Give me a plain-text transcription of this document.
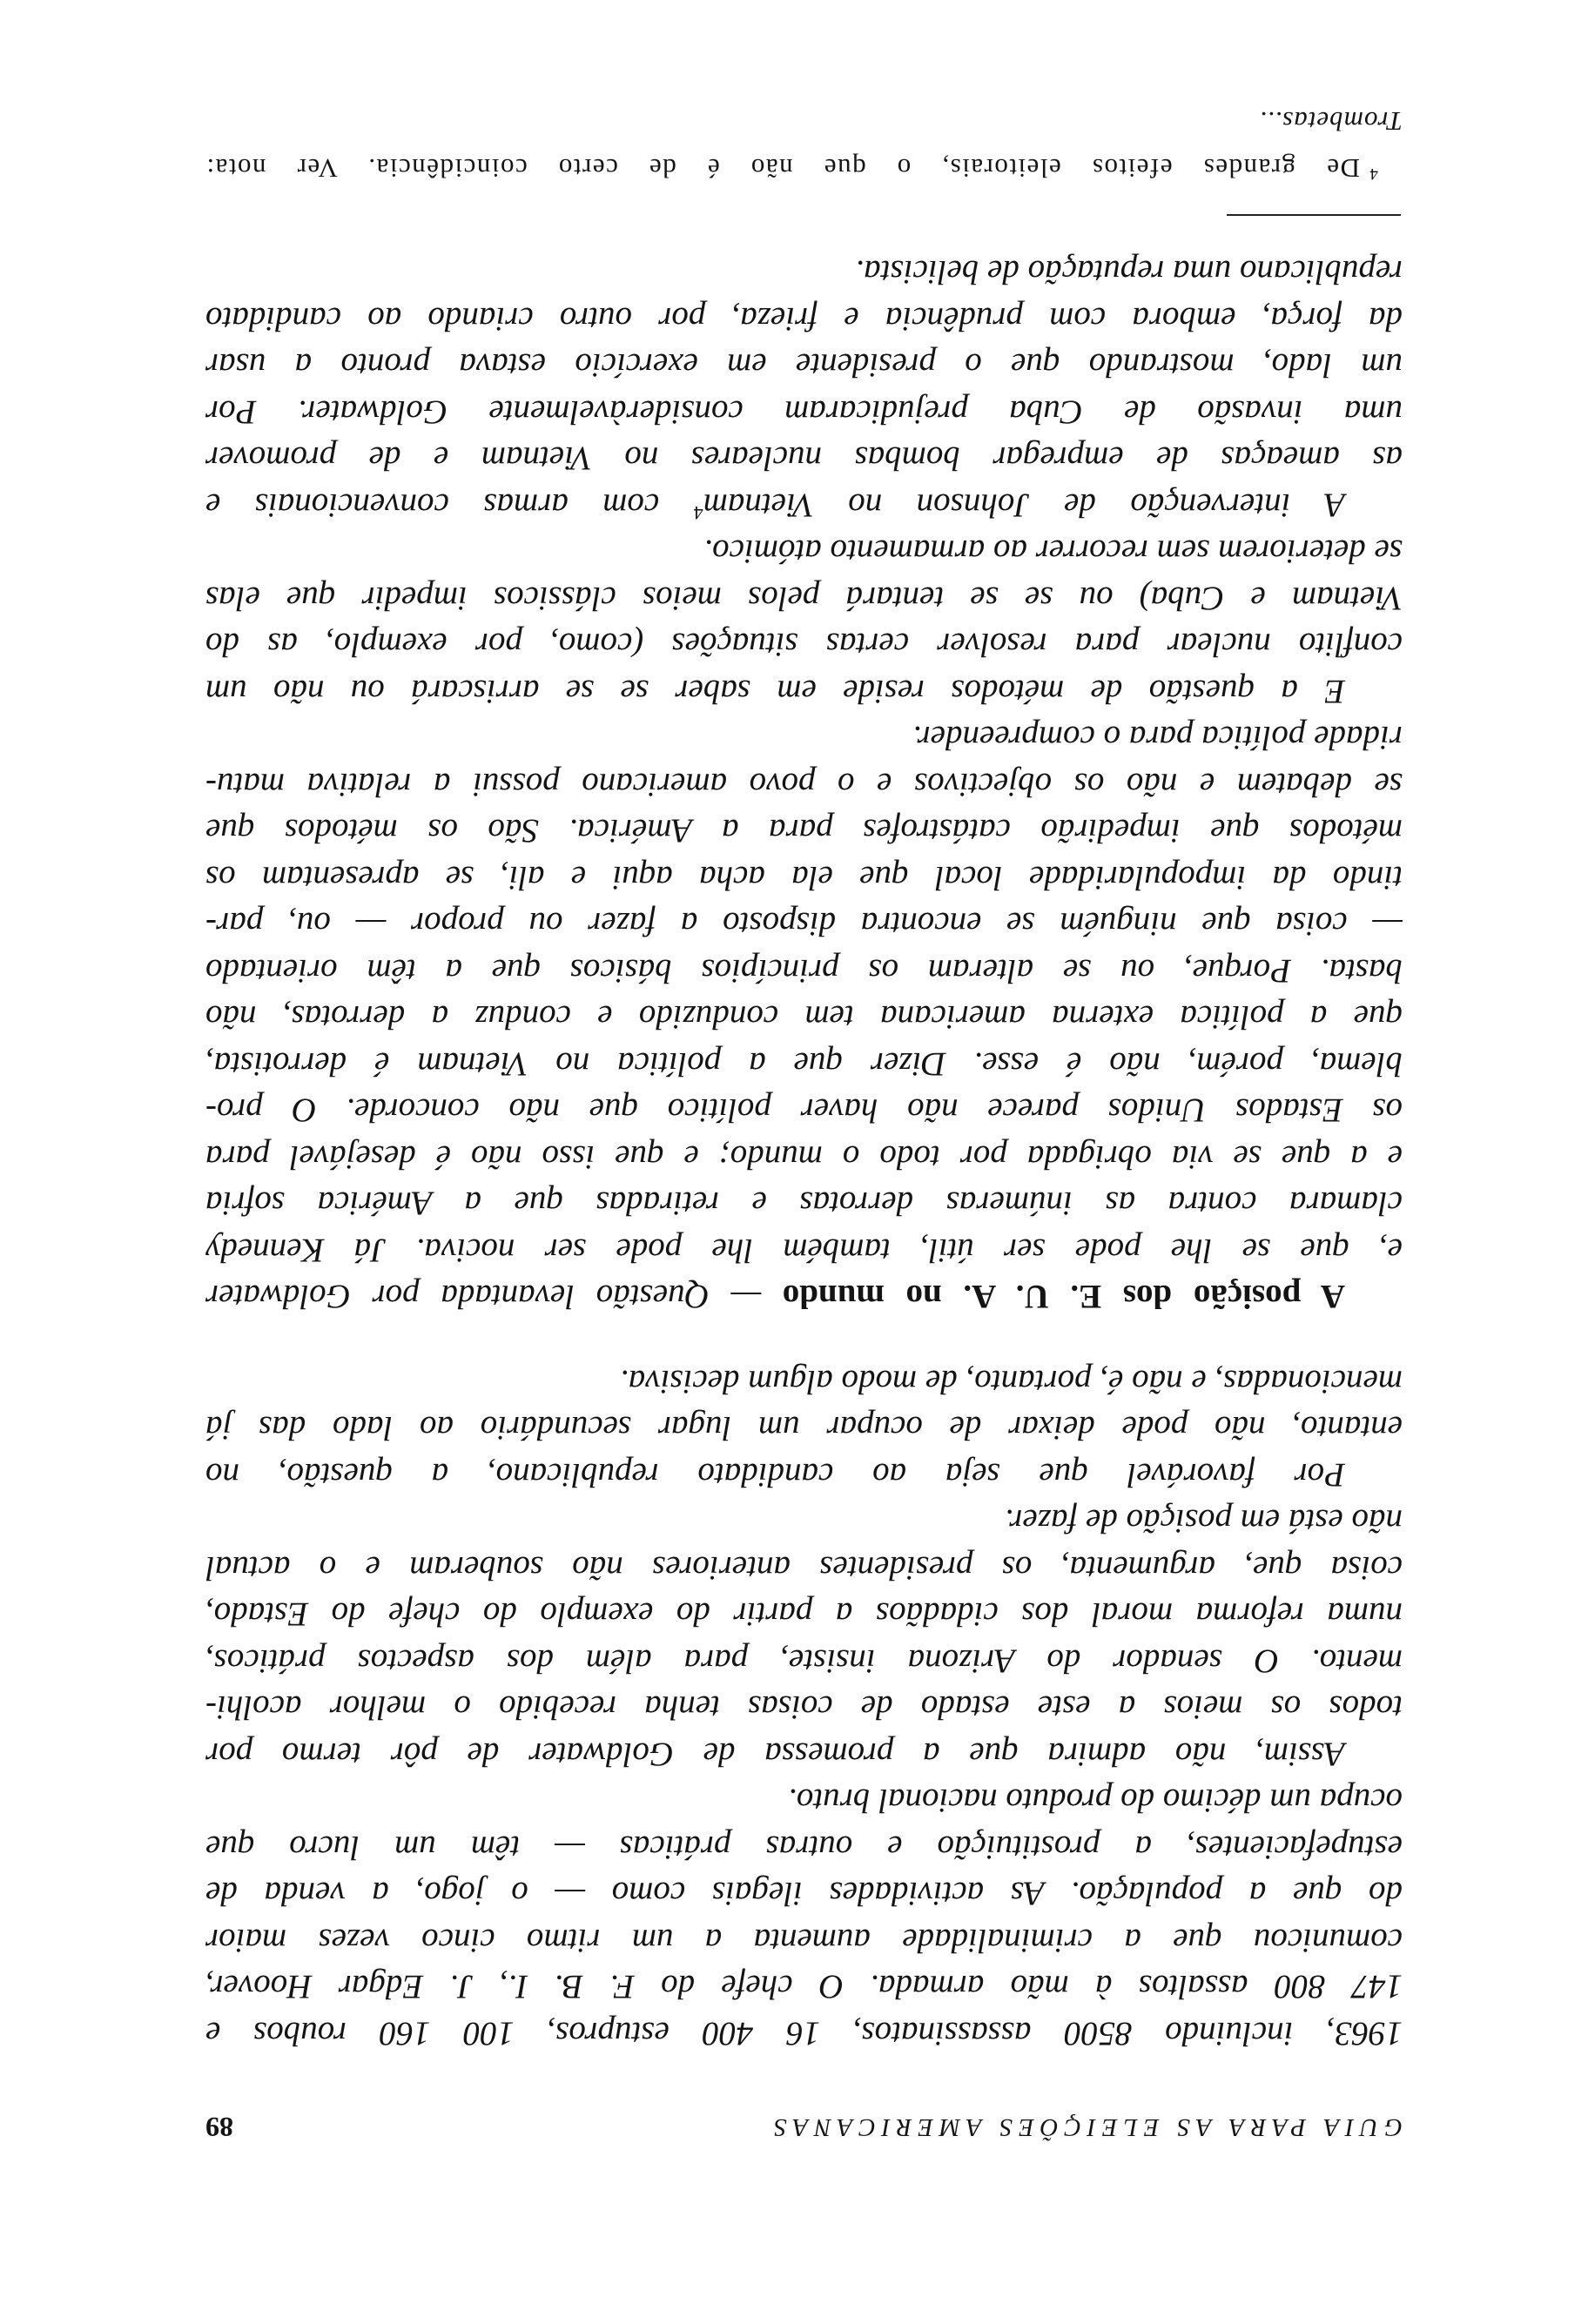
GUIA PARA AS ELEIÇÕES AMERICANAS
89
1963, incluindo 8500 assassinatos, 16 400 estupros, 100 160 roubos e
147 800 assaltos à mão armada. O chefe do F. B. I., J. Edgar Hoover,
comunicou que a criminalidade aumenta a um ritmo cinco vezes maior
do que a população. As actividades ilegais como — o jogo, a venda de
estupefacientes, a prostituição e outras práticas — têm um lucro que
ocupa um décimo do produto nacional bruto.
Assim, não admira que a promessa de Goldwater de pôr termo por
todos os meios a este estado de coisas tenha recebido o melhor acolhi-
mento. O senador do Arizona insiste, para além dos aspectos práticos,
numa reforma moral dos cidadãos a partir do exemplo do chefe do Estado,
coisa que, argumenta, os presidentes anteriores não souberam e o actual
não está em posição de fazer.
Por favorável que seja ao candidato republicano, a questão, no
entanto, não pode deixar de ocupar um lugar secundário ao lado das já
mencionadas, e não é, portanto, de modo algum decisiva.
A posição dos E. U. A. no mundo — Questão levantada por Goldwater
e, que se lhe pode ser útil, também lhe pode ser nociva. Já Kennedy
clamara contra as inúmeras derrotas e retiradas que a América sofria
e a que se via obrigada por todo o mundo; e que isso não é desejável para
os Estados Unidos parece não haver político que não concorde. O pro-
blema, porém, não é esse. Dizer que a política no Vietnam é derrotista,
que a política externa americana tem conduzido e conduz a derrotas, não
basta. Porque, ou se alteram os princípios básicos que a têm orientado
— coisa que ninguém se encontra disposto a fazer ou propor — ou, par-
tindo da impopularidade local que ela acha aqui e ali, se apresentam os
métodos que impedirão catástrofes para a América. São os métodos que
se debatem e não os objectivos e o povo americano possui a relativa matu-
ridade política para o compreender.
E a questão de métodos reside em saber se se arriscará ou não um
conflito nuclear para resolver certas situações (como, por exemplo, as do
Vietnam e Cuba) ou se se tentará pelos meios clássicos impedir que elas
se deteriorem sem recorrer ao armamento atómico.
A intervenção de Johnson no Vietnam$^4$ com armas convencionais e
as ameaças de empregar bombas nucleares no Vietnam e de promover
uma invasão de Cuba prejudicaram consideràvelmente Goldwater. Por
um lado, mostrando que o presidente em exercício estava pronto a usar
da força, embora com prudência e frieza, por outro criando ao candidato
republicano uma reputação de belicista.
$^4$De grandes efeitos eleitorais, o que não é de certo coincidência. Ver nota:
Trombetas...
